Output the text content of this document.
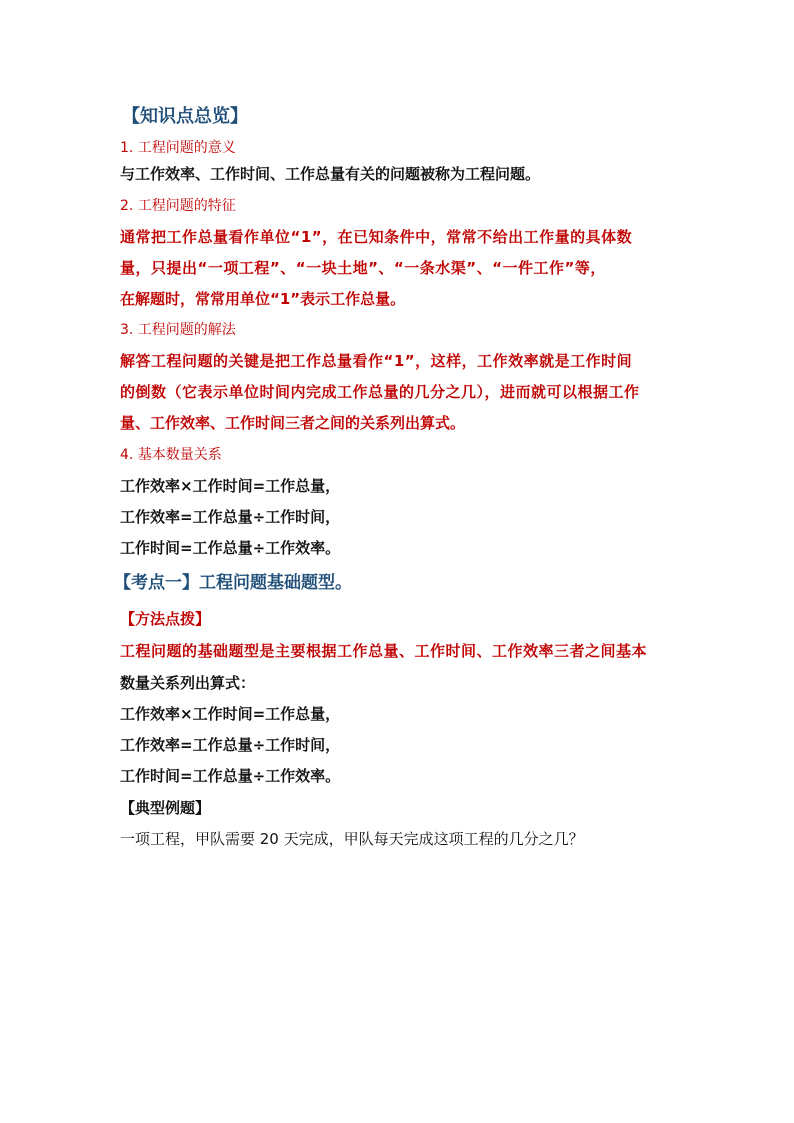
【知识点总览】
1. 工程问题的意义
与工作效率、工作时间、工作总量有关的问题被称为工程问题。
2. 工程问题的特征
通常把工作总量看作单位“1”，在已知条件中，常常不给出工作量的具体数
量，只提出“一项工程”、“一块土地”、“一条水渠”、“一件工作”等，
在解题时，常常用单位“1”表示工作总量。
3. 工程问题的解法
解答工程问题的关键是把工作总量看作“1”，这样，工作效率就是工作时间
的倒数（它表示单位时间内完成工作总量的几分之几），进而就可以根据工作
量、工作效率、工作时间三者之间的关系列出算式。
4. 基本数量关系
工作效率×工作时间=工作总量，
工作效率=工作总量÷工作时间，
工作时间=工作总量÷工作效率。
【考点一】工程问题基础题型。
【方法点拨】
工程问题的基础题型是主要根据工作总量、工作时间、工作效率三者之间基本
数量关系列出算式：
工作效率×工作时间=工作总量，
工作效率=工作总量÷工作时间，
工作时间=工作总量÷工作效率。
【典型例题】
一项工程，甲队需要 20 天完成，甲队每天完成这项工程的几分之几？
